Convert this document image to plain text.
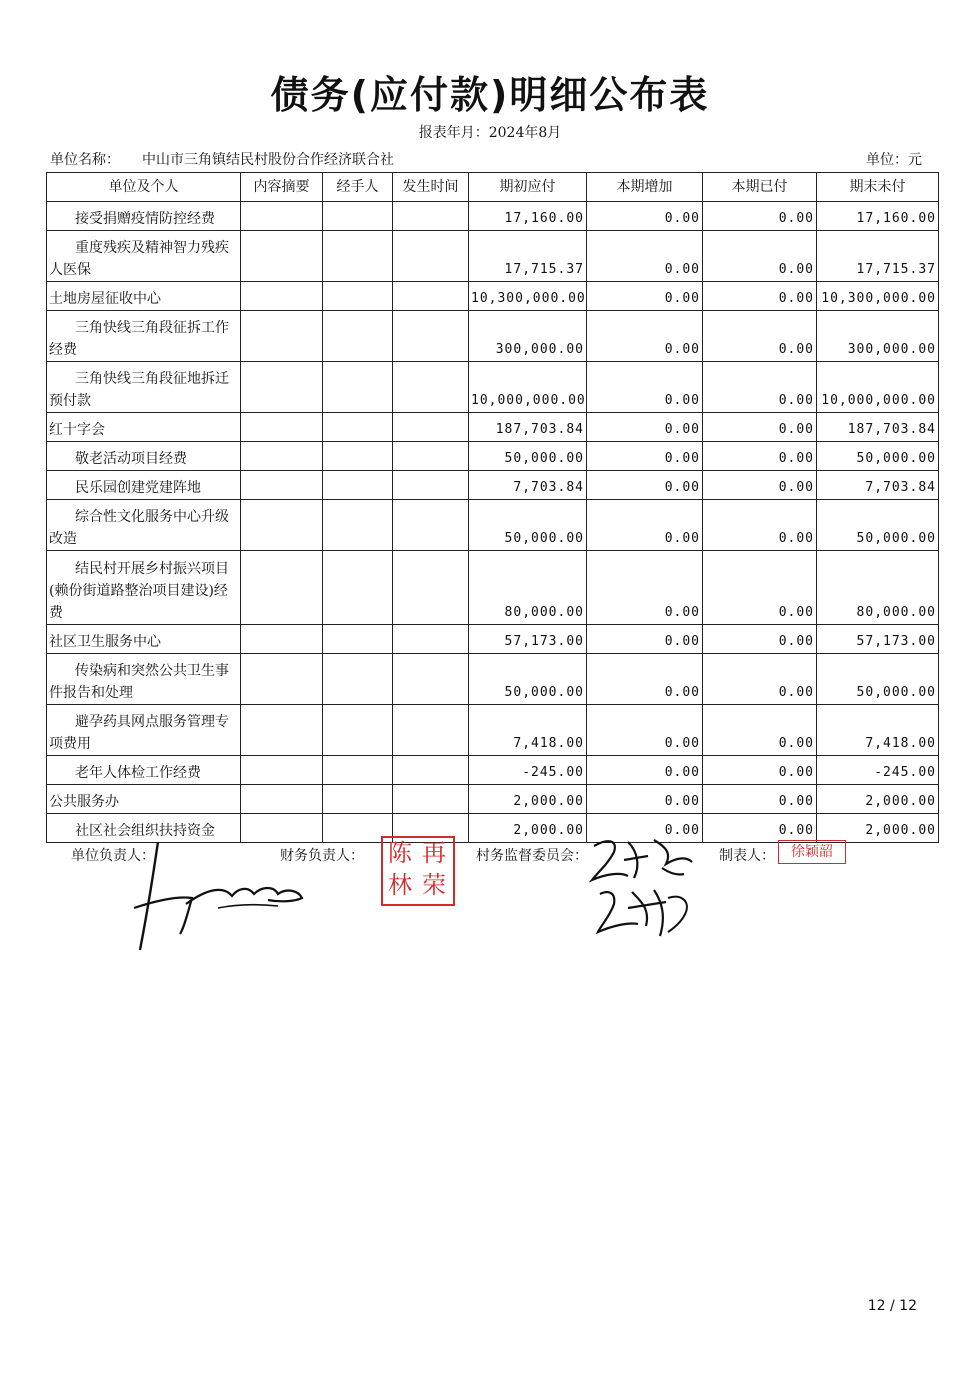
债务(应付款)明细公布表
报表年月：2024年8月
单位名称： 中山市三角镇结民村股份合作经济联合社	单位：元
单位及个人	内容摘要	经手人	发生时间	期初应付	本期增加	本期已付	期末未付
接受捐赠疫情防控经费				17,160.00	0.00	0.00	17,160.00
重度残疾及精神智力残疾人医保				17,715.37	0.00	0.00	17,715.37
土地房屋征收中心				10,300,000.00	0.00	0.00	10,300,000.00
三角快线三角段征拆工作经费				300,000.00	0.00	0.00	300,000.00
三角快线三角段征地拆迁预付款				10,000,000.00	0.00	0.00	10,000,000.00
红十字会				187,703.84	0.00	0.00	187,703.84
敬老活动项目经费				50,000.00	0.00	0.00	50,000.00
民乐园创建党建阵地				7,703.84	0.00	0.00	7,703.84
综合性文化服务中心升级改造				50,000.00	0.00	0.00	50,000.00
结民村开展乡村振兴项目(赖份街道路整治项目建设)经费				80,000.00	0.00	0.00	80,000.00
社区卫生服务中心				57,173.00	0.00	0.00	57,173.00
传染病和突然公共卫生事件报告和处理				50,000.00	0.00	0.00	50,000.00
避孕药具网点服务管理专项费用				7,418.00	0.00	0.00	7,418.00
老年人体检工作经费				-245.00	0.00	0.00	-245.00
公共服务办				2,000.00	0.00	0.00	2,000.00
社区社会组织扶持资金				2,000.00	0.00	0.00	2,000.00
单位负责人：	财务负责人：	村务监督委员会：	制表人：
陈 再
林 荣
徐颖韶
12 / 12
